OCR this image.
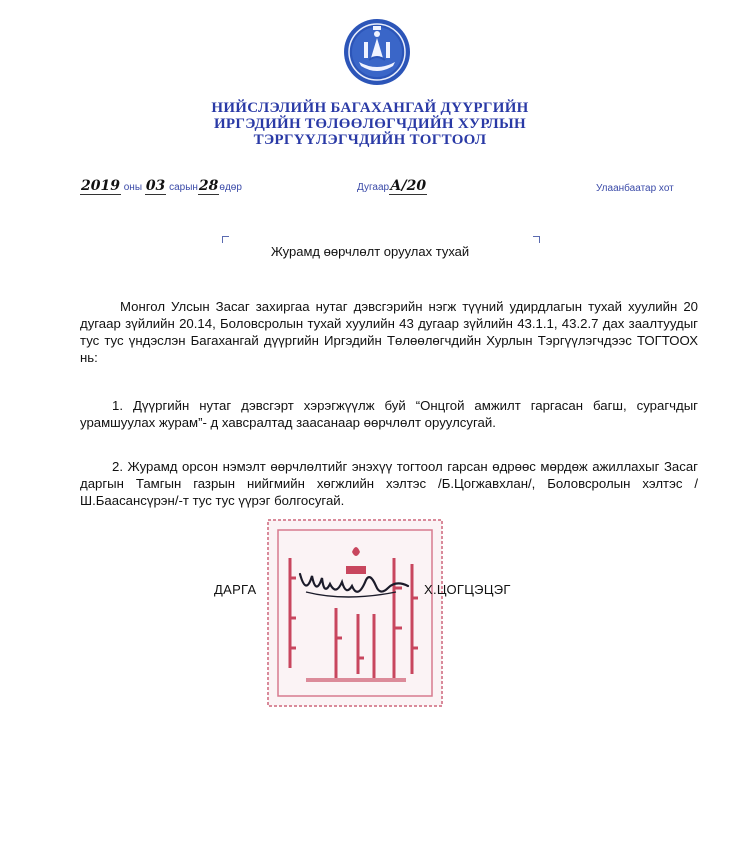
НИЙСЛЭЛИЙН БАГАХАНГАЙ ДҮҮРГИЙН
ИРГЭДИЙН ТӨЛӨӨЛӨГЧДИЙН ХУРЛЫН
ТЭРГҮҮЛЭГЧДИЙН ТОГТООЛ
2019 оны 03 сарын28өдөр	ДугаарА/20	Улаанбаатар хот
Журамд өөрчлөлт оруулах тухай

Монгол Улсын Засаг захиргаа нутаг дэвсгэрийн нэгж түүний удирдлагын тухай хуулийн 20 дугаар зүйлийн 20.14, Боловсролын тухай хуулийн 43 дугаар зүйлийн 43.1.1, 43.2.7 дах заалтуудыг тус тус үндэслэн Багахангай дүүргийн Иргэдийн Төлөөлөгчдийн Хурлын Тэргүүлэгчдээс ТОГТООХ нь:

1. Дүүргийн нутаг дэвсгэрт хэрэгжүүлж буй “Онцгой амжилт гаргасан багш, сурагчдыг урамшуулах журам”- д хавсралтад заасанаар өөрчлөлт оруулсугай.

2. Журамд орсон нэмэлт өөрчлөлтийг энэхүү тогтоол гарсан өдрөөс мөрдөж ажиллахыг Засаг даргын Тамгын газрын нийгмийн хөгжлийн хэлтэс /Б.Цогжавхлан/, Боловсролын хэлтэс /Ш.Баасансүрэн/-т тус тус үүрэг болгосугай.

ДАРГА	Х.ЦОГЦЭЦЭГ
